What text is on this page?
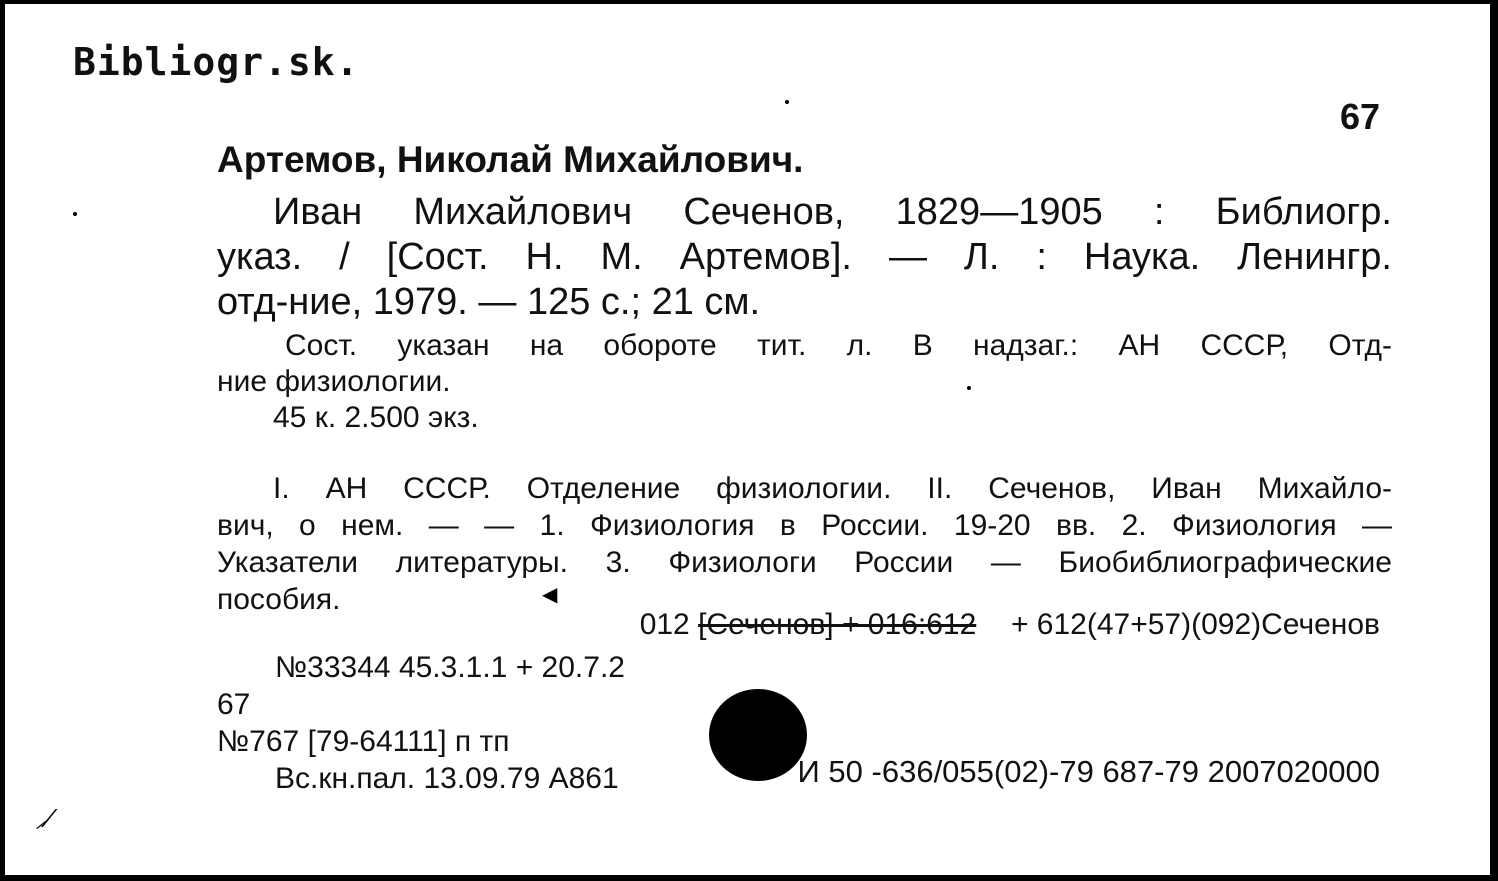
Bibliogr.sk.
67
Артемов, Николай Михайлович.
Иван Михайлович Сеченов, 1829—1905 : Библиогр.
указ. / [Сост. Н. М. Артемов]. — Л. : Наука. Ленингр.
отд-ние, 1979. — 125 с.; 21 см.
Сост. указан на обороте тит. л. В надзаг.: АН СССР, Отд-
ние физиологии.
45 к. 2.500 экз.
I. АН СССР. Отделение физиологии. II. Сеченов, Иван Михайло-
вич, о нем. — — 1. Физиология в России. 19-20 вв. 2. Физиология —
Указатели литературы. 3. Физиологи России — Биобиблиографические
пособия.
012 [Сеченов] + 016:612 + 612(47+57)(092)Сеченов
№33344 45.3.1.1 + 20.7.2
67
№767 [79-64111] п тп
Вс.кн.пал. 13.09.79 А861	И 50 -636/055(02)-79 687-79 2007020000
◀
⸝⁄
